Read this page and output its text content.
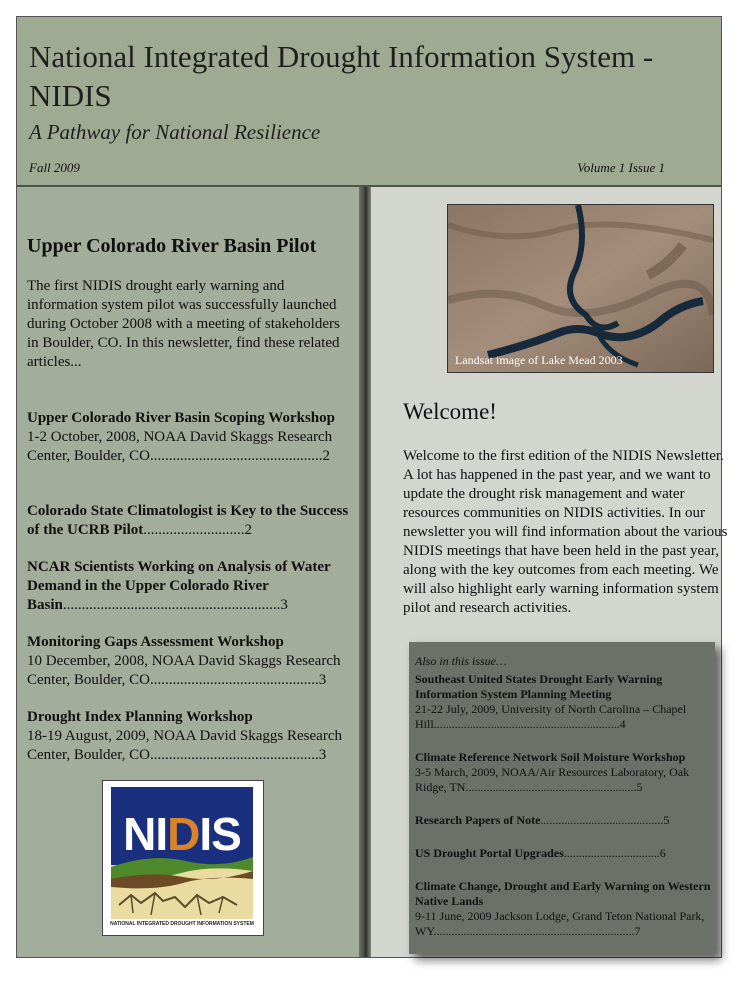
National Integrated Drought Information System - NIDIS
A Pathway for National Resilience
Fall 2009	Volume 1 Issue 1
Upper Colorado River Basin Pilot
The first NIDIS drought early warning and information system pilot was successfully launched during October 2008 with a meeting of stakeholders in Boulder, CO. In this newsletter, find these related articles...
Upper Colorado River Basin Scoping Workshop
1-2 October, 2008, NOAA David Skaggs Research Center, Boulder, CO..............................................2
Colorado State Climatologist is Key to the Success of the UCRB Pilot...........................2
NCAR Scientists Working on Analysis of Water Demand in the Upper Colorado River Basin..........................................................3
Monitoring Gaps Assessment Workshop
10 December, 2008, NOAA David Skaggs Research Center, Boulder, CO.............................................3
Drought Index Planning Workshop
18-19 August, 2009, NOAA David Skaggs Research Center, Boulder, CO.............................................3
NIDIS
NATIONAL INTEGRATED DROUGHT INFORMATION SYSTEM
Welcome!
Welcome to the first edition of the NIDIS Newsletter. A lot has happened in the past year, and we want to update the drought risk management and water resources communities on NIDIS activities. In our newsletter you will find information about the various NIDIS meetings that have been held in the past year, along with the key outcomes from each meeting. We will also highlight early warning information system pilot and research activities.
Also in this issue…
Southeast United States Drought Early Warning Information System Planning Meeting
21-22 July, 2009, University of North Carolina – Chapel Hill..............................................................4
Climate Reference Network Soil Moisture Workshop
3-5 March, 2009, NOAA/Air Resources Laboratory, Oak Ridge, TN.........................................................5
Research Papers of Note.........................................5
US Drought Portal Upgrades................................6
Climate Change, Drought and Early Warning on Western Native Lands
9-11 June, 2009 Jackson Lodge, Grand Teton National Park, WY...................................................................7
Landsat image of Lake Mead 2003
